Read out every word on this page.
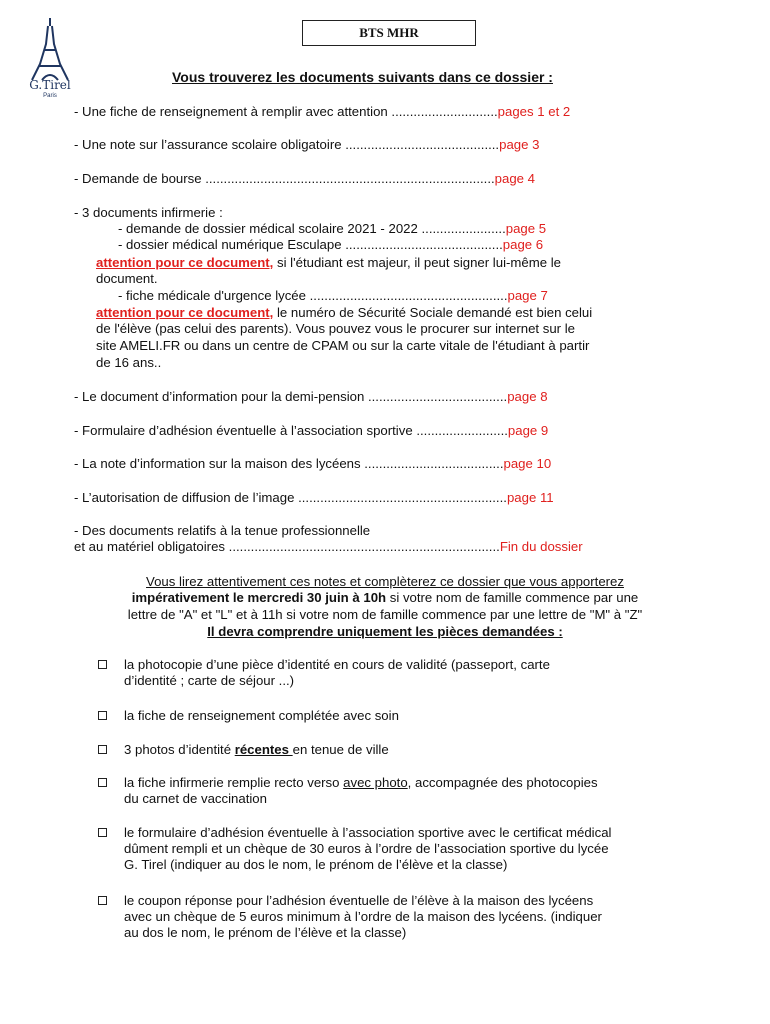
G.Tirel
Paris
BTS MHR
Vous trouverez les documents suivants dans ce dossier :
- Une fiche de renseignement à remplir avec attention .............................pages 1 et 2
- Une note sur l’assurance scolaire obligatoire ..........................................page 3
- Demande de bourse ...............................................................................page 4
- 3 documents infirmerie :
- demande de dossier médical scolaire 2021 - 2022 .......................page 5
- dossier médical numérique Esculape ...........................................page 6
attention pour ce document, si l'étudiant est majeur, il peut signer lui-même le
document.
- fiche médicale d'urgence lycée ......................................................page 7
attention pour ce document, le numéro de Sécurité Sociale demandé est bien celui
de l'élève (pas celui des parents). Vous pouvez vous le procurer sur internet sur le
site AMELI.FR ou dans un centre de CPAM ou sur la carte vitale de l'étudiant à partir
de 16 ans..
- Le document d’information pour la demi-pension ......................................page 8
- Formulaire d’adhésion éventuelle à l’association sportive .........................page 9
- La note d’information sur la maison des lycéens ......................................page 10
- L’autorisation de diffusion de l’image .........................................................page 11
- Des documents relatifs à la tenue professionnelle
et au matériel obligatoires ..........................................................................Fin du dossier
Vous lirez attentivement ces notes et complèterez ce dossier que vous apporterez
impérativement le mercredi 30 juin à 10h si votre nom de famille commence par une
lettre de "A" et "L" et à 11h si votre nom de famille commence par une lettre de "M" à "Z"
Il devra comprendre uniquement les pièces demandées :
la photocopie d’une pièce d’identité en cours de validité (passeport, carte
d’identité ; carte de séjour ...)
la fiche de renseignement complétée avec soin
3 photos d’identité récentes en tenue de ville
la fiche infirmerie remplie recto verso avec photo, accompagnée des photocopies
du carnet de vaccination
le formulaire d’adhésion éventuelle à l’association sportive avec le certificat médical
dûment rempli et un chèque de 30 euros à l’ordre de l’association sportive du lycée
G. Tirel (indiquer au dos le nom, le prénom de l’élève et la classe)
le coupon réponse pour l’adhésion éventuelle de l’élève à la maison des lycéens
avec un chèque de 5 euros minimum à l’ordre de la maison des lycéens. (indiquer
au dos le nom, le prénom de l’élève et la classe)
